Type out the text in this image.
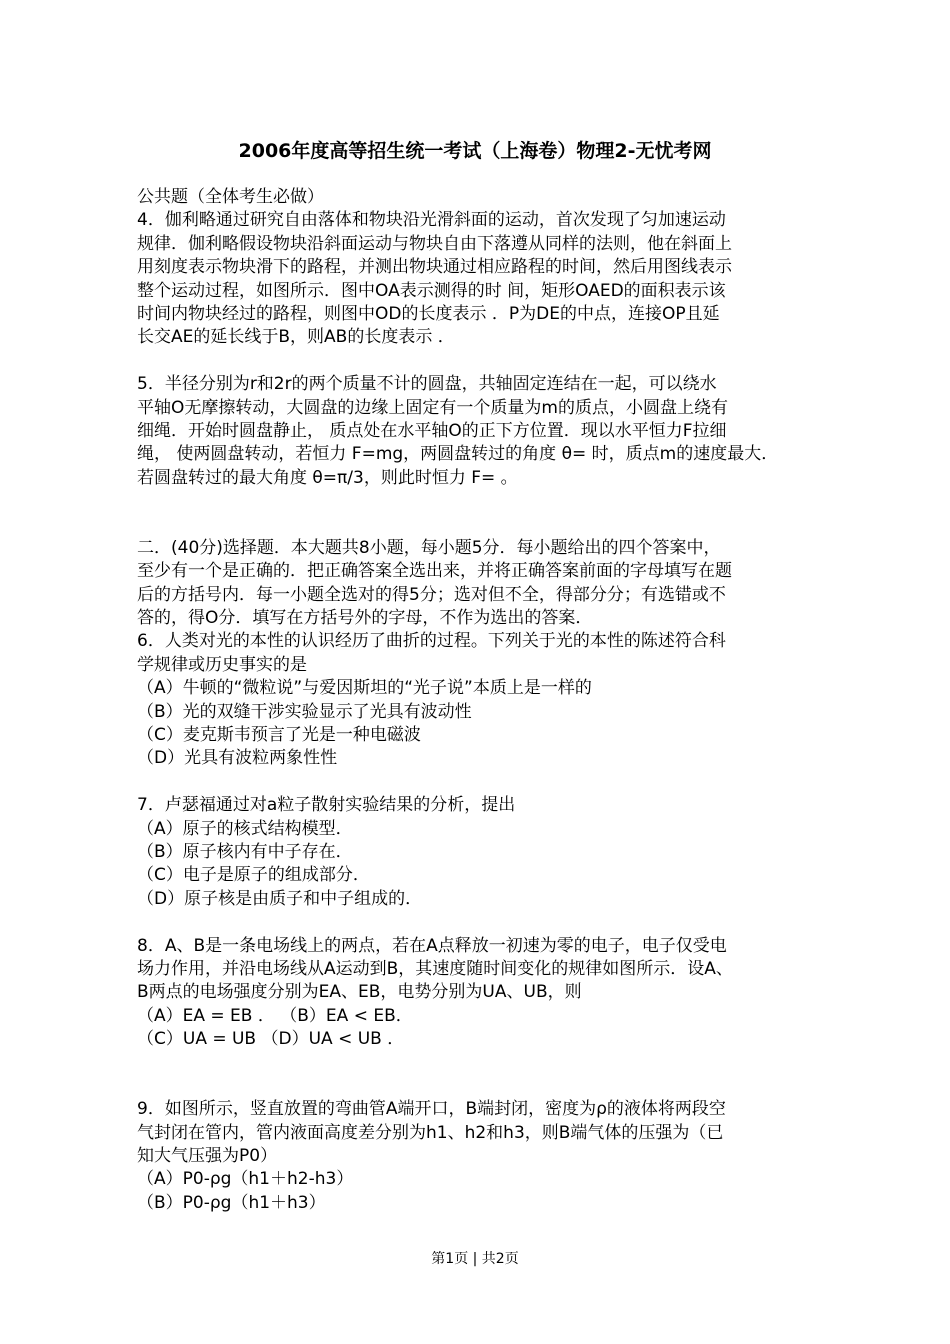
2006年度高等招生统一考试（上海卷）物理2-无忧考网
公共题（全体考生必做）
4．伽利略通过研究自由落体和物块沿光滑斜面的运动，首次发现了匀加速运动
规律．伽利略假设物块沿斜面运动与物块自由下落遵从同样的法则，他在斜面上
用刻度表示物块滑下的路程，并测出物块通过相应路程的时间，然后用图线表示
整个运动过程，如图所示．图中OA表示测得的时 间，矩形OAED的面积表示该
时间内物块经过的路程，则图中OD的长度表示 ．P为DE的中点，连接OP且延
长交AE的延长线于B，则AB的长度表示 ．
5．半径分别为r和2r的两个质量不计的圆盘，共轴固定连结在一起，可以绕水
平轴O无摩擦转动，大圆盘的边缘上固定有一个质量为m的质点，小圆盘上绕有
细绳．开始时圆盘静止， 质点处在水平轴O的正下方位置．现以水平恒力F拉细
绳， 使两圆盘转动，若恒力 F=mg，两圆盘转过的角度 θ= 时，质点m的速度最大．
若圆盘转过的最大角度 θ=π/3，则此时恒力 F= 。
二．(40分)选择题．本大题共8小题，每小题5分．每小题给出的四个答案中，
至少有一个是正确的．把正确答案全选出来，并将正确答案前面的字母填写在题
后的方括号内．每一小题全选对的得5分；选对但不全，得部分分；有选错或不
答的，得O分．填写在方括号外的字母，不作为选出的答案．
6．人类对光的本性的认识经历了曲折的过程。下列关于光的本性的陈述符合科
学规律或历史事实的是
（A）牛顿的“微粒说”与爱因斯坦的“光子说”本质上是一样的
（B）光的双缝干涉实验显示了光具有波动性
（C）麦克斯韦预言了光是一种电磁波
（D）光具有波粒两象性性
7．卢瑟福通过对a粒子散射实验结果的分析，提出
（A）原子的核式结构模型．
（B）原子核内有中子存在．
（C）电子是原子的组成部分．
（D）原子核是由质子和中子组成的．
8．A、B是一条电场线上的两点，若在A点释放一初速为零的电子，电子仅受电
场力作用，并沿电场线从A运动到B，其速度随时间变化的规律如图所示．设A、
B两点的电场强度分别为EA、EB，电势分别为UA、UB，则
（A）EA = EB ． （B）EA < EB．
（C）UA = UB （D）UA < UB ．
9．如图所示，竖直放置的弯曲管A端开口，B端封闭，密度为ρ的液体将两段空
气封闭在管内，管内液面高度差分别为h1、h2和h3，则B端气体的压强为（已
知大气压强为P0）
（A）P0-ρg（h1＋h2-h3）
（B）P0-ρg（h1＋h3）
第1页 | 共2页
